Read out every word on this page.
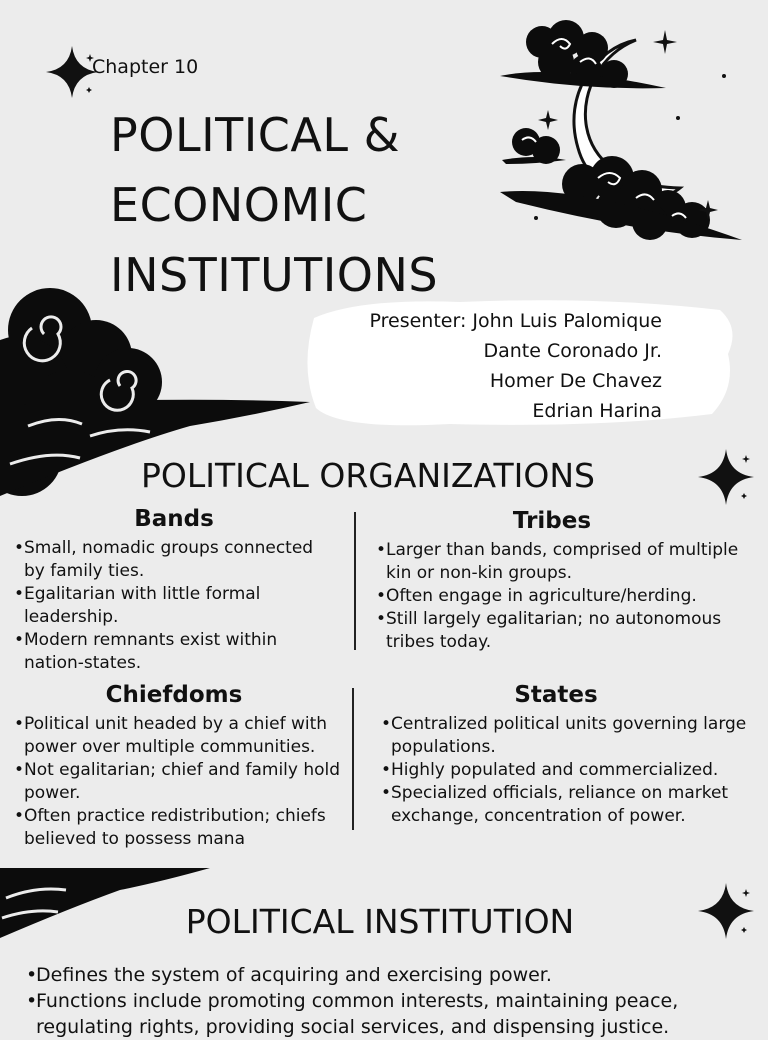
Chapter 10
POLITICAL &
ECONOMIC
INSTITUTIONS
Presenter: John Luis Palomique
Dante Coronado Jr.
Homer De Chavez
Edrian Harina
POLITICAL ORGANIZATIONS
Bands
• Small, nomadic groups connected by family ties.
• Egalitarian with little formal leadership.
• Modern remnants exist within nation-states.
Tribes
• Larger than bands, comprised of multiple kin or non-kin groups.
• Often engage in agriculture/herding.
• Still largely egalitarian; no autonomous tribes today.
Chiefdoms
• Political unit headed by a chief with power over multiple communities.
• Not egalitarian; chief and family hold power.
• Often practice redistribution; chiefs believed to possess mana
States
• Centralized political units governing large populations.
• Highly populated and commercialized.
• Specialized officials, reliance on market exchange, concentration of power.
POLITICAL INSTITUTION
• Defines the system of acquiring and exercising power.
• Functions include promoting common interests, maintaining peace, regulating rights, providing social services, and dispensing justice.
